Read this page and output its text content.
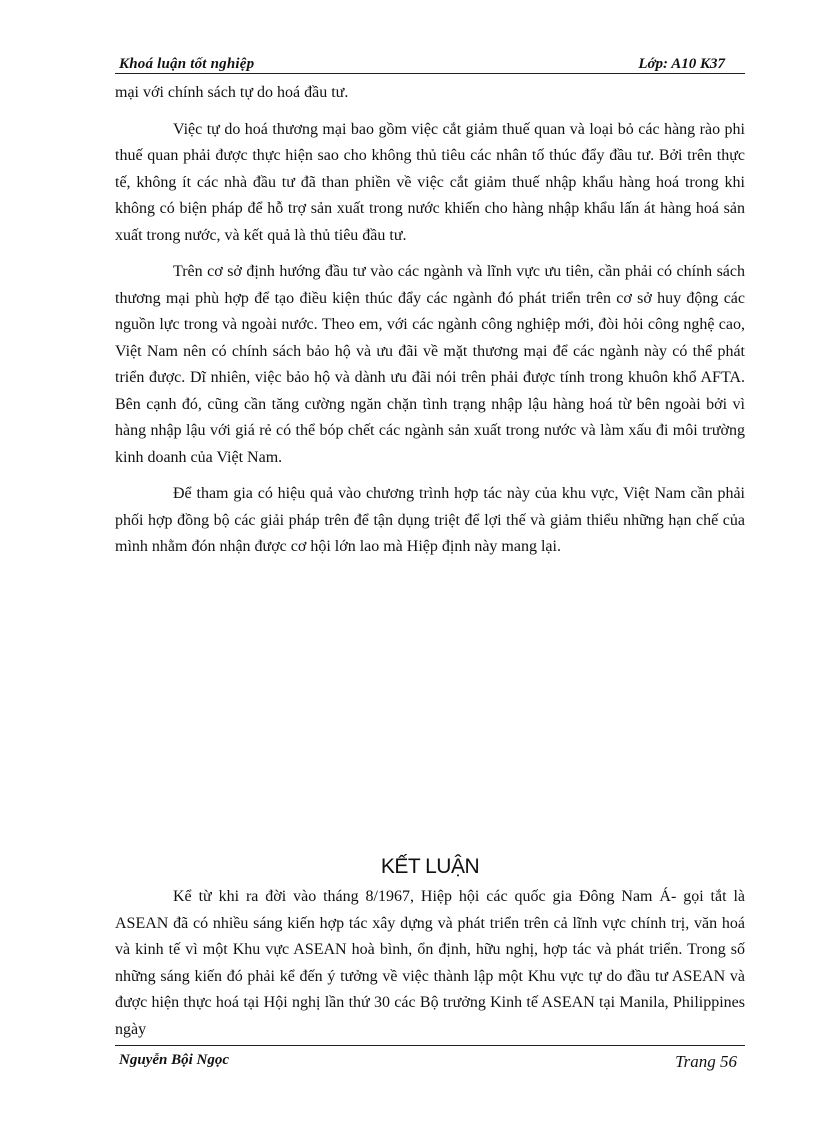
Khoá luận tốt nghiệp	Lớp: A10 K37

mại với chính sách tự do hoá đầu tư.

Việc tự do hoá thương mại bao gồm việc cắt giảm thuế quan và loại bỏ các hàng rào phi thuế quan phải được thực hiện sao cho không thủ tiêu các nhân tố thúc đẩy đầu tư. Bởi trên thực tế, không ít các nhà đầu tư đã than phiền về việc cắt giảm thuế nhập khẩu hàng hoá trong khi không có biện pháp để hỗ trợ sản xuất trong nước khiến cho hàng nhập khẩu lấn át hàng hoá sản xuất trong nước, và kết quả là thủ tiêu đầu tư.

Trên cơ sở định hướng đầu tư vào các ngành và lĩnh vực ưu tiên, cần phải có chính sách thương mại phù hợp để tạo điều kiện thúc đẩy các ngành đó phát triển trên cơ sở huy động các nguồn lực trong và ngoài nước. Theo em, với các ngành công nghiệp mới, đòi hỏi công nghệ cao, Việt Nam nên có chính sách bảo hộ và ưu đãi về mặt thương mại để các ngành này có thể phát triển được. Dĩ nhiên, việc bảo hộ và dành ưu đãi nói trên phải được tính trong khuôn khổ AFTA. Bên cạnh đó, cũng cần tăng cường ngăn chặn tình trạng nhập lậu hàng hoá từ bên ngoài bởi vì hàng nhập lậu với giá rẻ có thể bóp chết các ngành sản xuất trong nước và làm xấu đi môi trường kinh doanh của Việt Nam.

Để tham gia có hiệu quả vào chương trình hợp tác này của khu vực, Việt Nam cần phải phối hợp đồng bộ các giải pháp trên để tận dụng triệt để lợi thế và giảm thiểu những hạn chế của mình nhằm đón nhận được cơ hội lớn lao mà Hiệp định này mang lại.

KẾT LUẬN

Kể từ khi ra đời vào tháng 8/1967, Hiệp hội các quốc gia Đông Nam Á- gọi tắt là ASEAN đã có nhiều sáng kiến hợp tác xây dựng và phát triển trên cả lĩnh vực chính trị, văn hoá và kinh tế vì một Khu vực ASEAN hoà bình, ổn định, hữu nghị, hợp tác và phát triển. Trong số những sáng kiến đó phải kể đến ý tưởng về việc thành lập một Khu vực tự do đầu tư ASEAN và được hiện thực hoá tại Hội nghị lần thứ 30 các Bộ trưởng Kinh tế ASEAN tại Manila, Philippines ngày

Nguyễn Bội Ngọc	Trang 56
